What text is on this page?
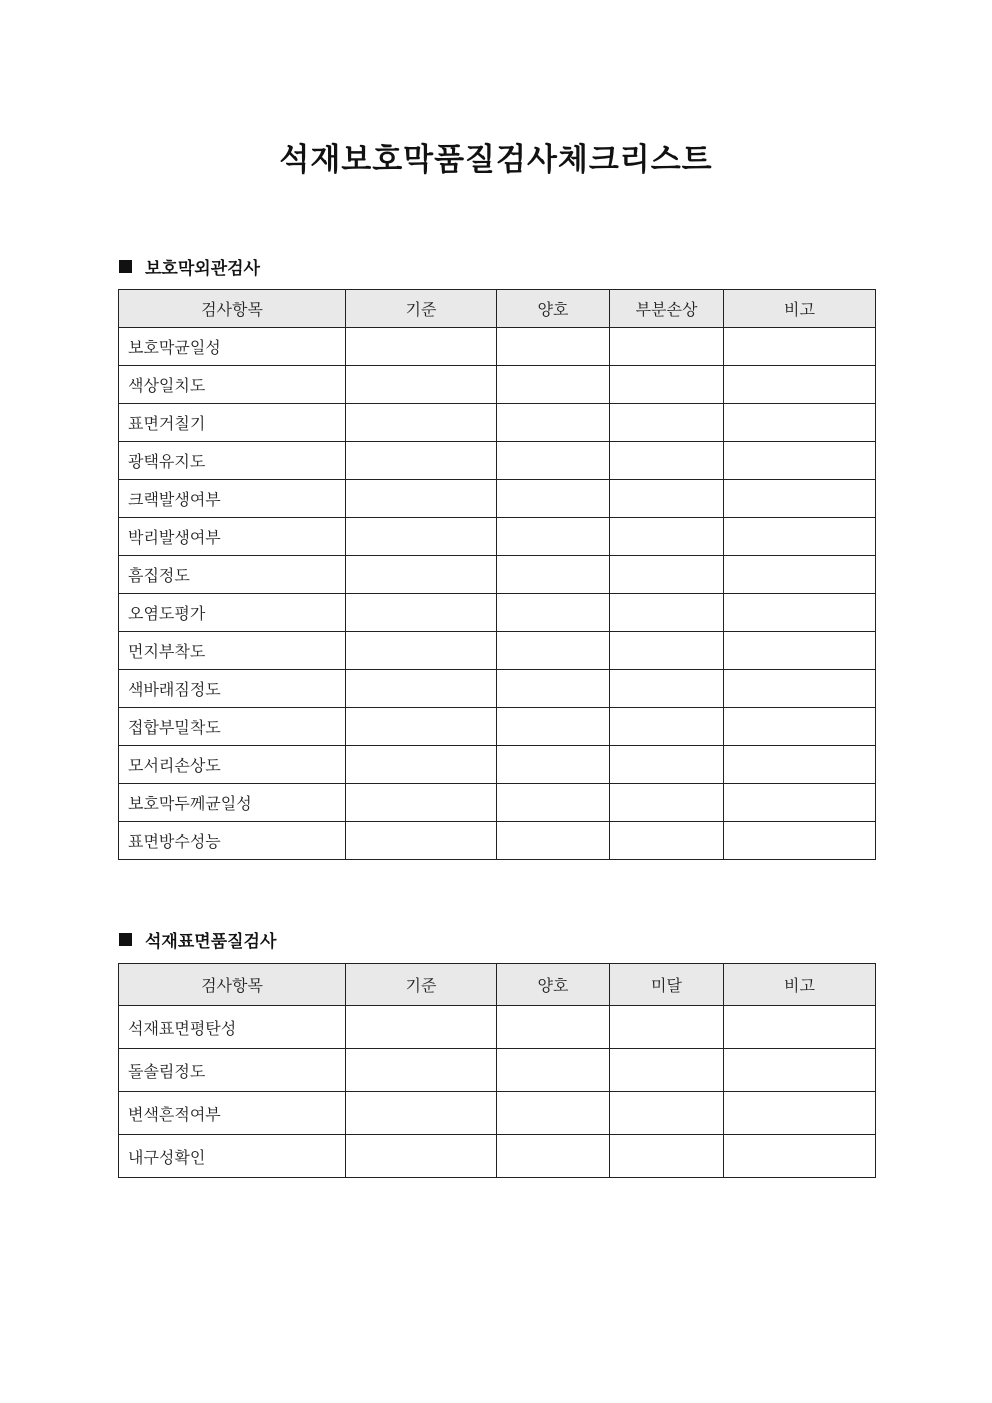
석재보호막품질검사체크리스트
보호막외관검사
검사항목	기준	양호	부분손상	비고
보호막균일성				
색상일치도				
표면거칠기				
광택유지도				
크랙발생여부				
박리발생여부				
흠집정도				
오염도평가				
먼지부착도				
색바래짐정도				
접합부밀착도				
모서리손상도				
보호막두께균일성				
표면방수성능				
석재표면품질검사
검사항목	기준	양호	미달	비고
석재표면평탄성				
돌솔림정도				
변색흔적여부				
내구성확인				
